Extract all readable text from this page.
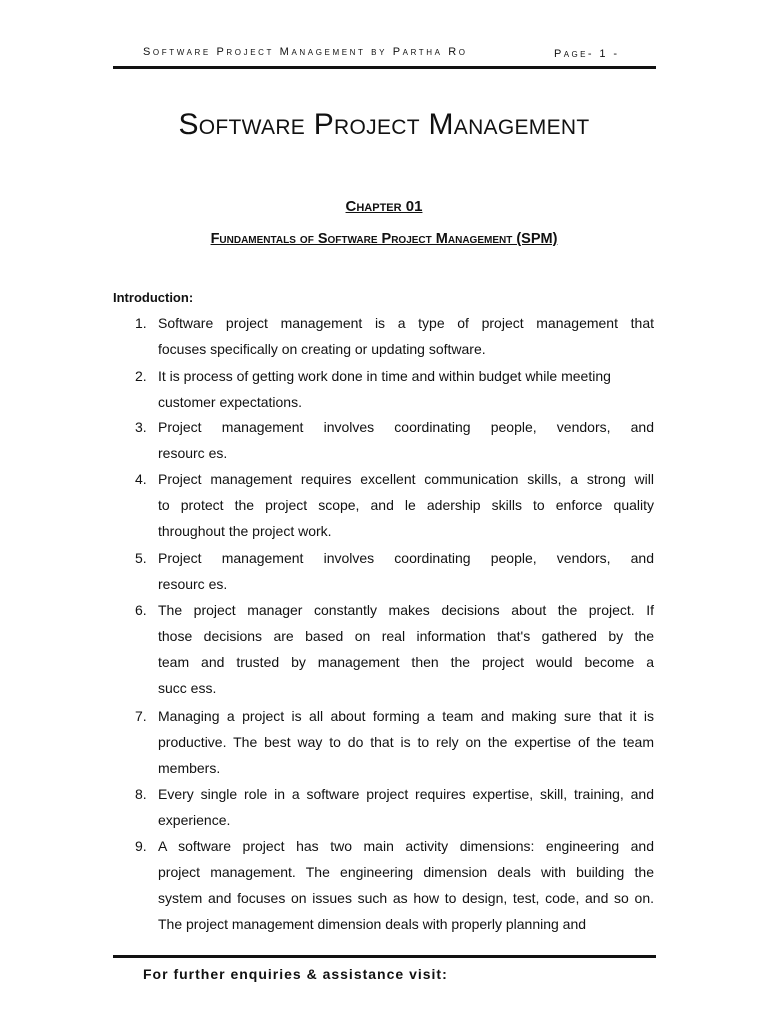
Software Project Management by Partha Ro	Page- 1 -
Software Project Management
Chapter 01
Fundamentals of Software Project Management (SPM)
Introduction:
1. Software project management is a type of project management that
focuses specifically on creating or updating software.
2. It is process of getting work done in time and within budget while meeting
customer expectations.
3. Project management involves coordinating people, vendors, and
resourc es.
4. Project management requires excellent communication skills, a strong will
to protect the project scope, and le adership skills to enforce quality
throughout the project work.
5. Project management involves coordinating people, vendors, and
resourc es.
6. The project manager constantly makes decisions about the project. If
those decisions are based on real information that's gathered by the
team and trusted by management then the project would become a
succ ess.
7. Managing a project is all about forming a team and making sure that it is
productive. The best way to do that is to rely on the expertise of the team
members.
8. Every single role in a software project requires expertise, skill, training, and
experience.
9. A software project has two main activity dimensions: engineering and
project management. The engineering dimension deals with building the
system and focuses on issues such as how to design, test, code, and so on.
The project management dimension deals with properly planning and
For further enquiries & assistance visit:
